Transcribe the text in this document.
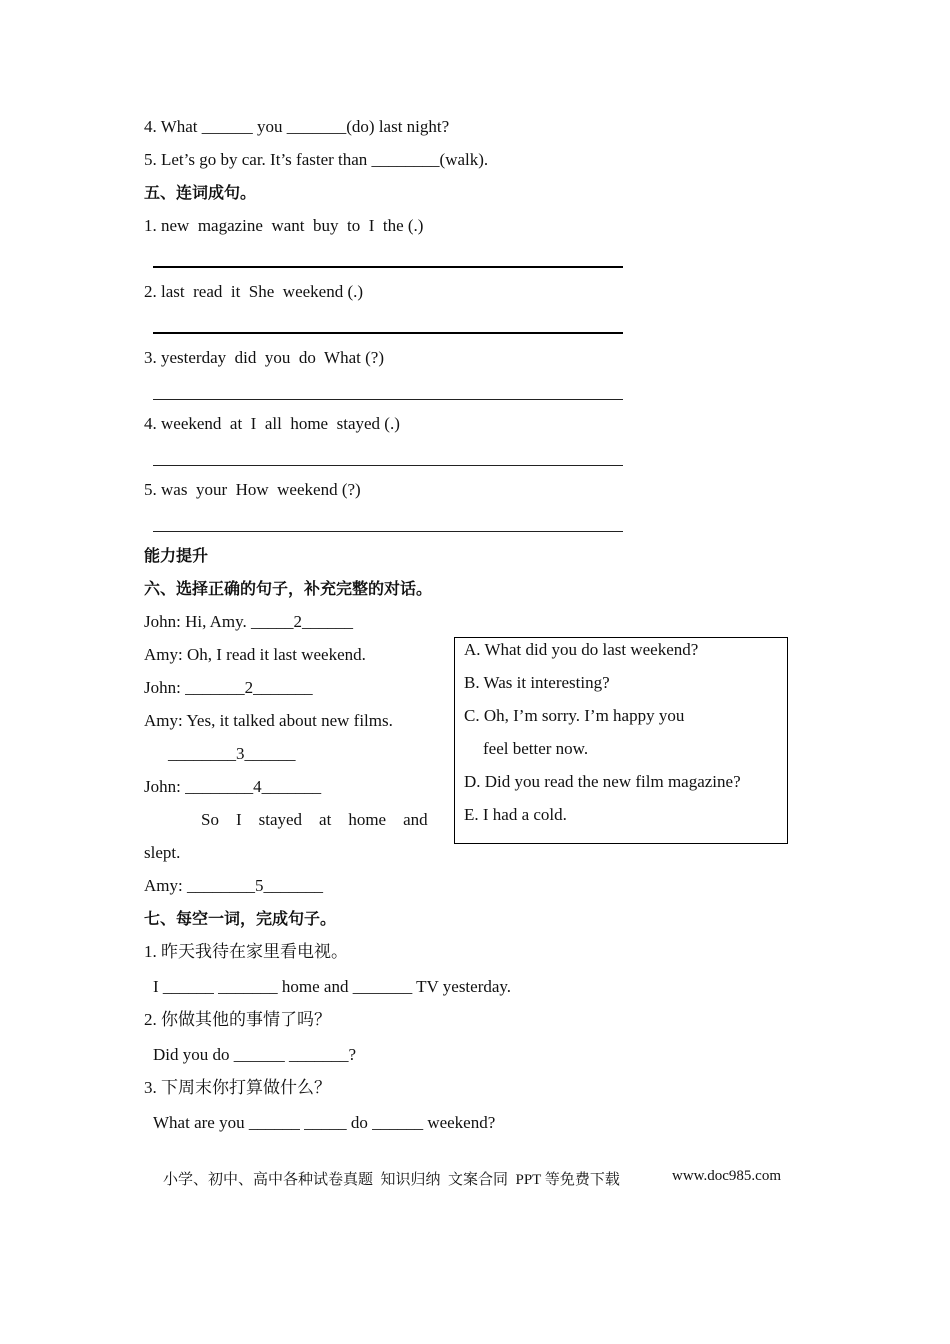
4. What ______ you _______(do) last night?
5. Let’s go by car. It’s faster than ________(walk).
五、连词成句。
1. new  magazine  want  buy  to  I  the (.)
2. last  read  it  She  weekend (.)
3. yesterday  did  you  do  What (?)
4. weekend  at  I  all  home  stayed (.)
5. was  your  How  weekend (?)
能力提升
六、选择正确的句子，补充完整的对话。
John: Hi, Amy. _____2______
Amy: Oh, I read it last weekend.
John: _______2_______
Amy: Yes, it talked about new films.
________3______
John: ________4_______
So    I    stayed    at    home    and
slept.
Amy: ________5_______
A. What did you do last weekend?
B. Was it interesting?
C. Oh, I’m sorry. I’m happy you
feel better now.
D. Did you read the new film magazine?
E. I had a cold.
七、每空一词，完成句子。
1. 昨天我待在家里看电视。
I ______ _______ home and _______ TV yesterday.
2. 你做其他的事情了吗？
Did you do ______ _______?
3. 下周末你打算做什么？
What are you ______ _____ do ______ weekend?
小学、初中、高中各种试卷真题  知识归纳  文案合同  PPT 等免费下载	www.doc985.com
